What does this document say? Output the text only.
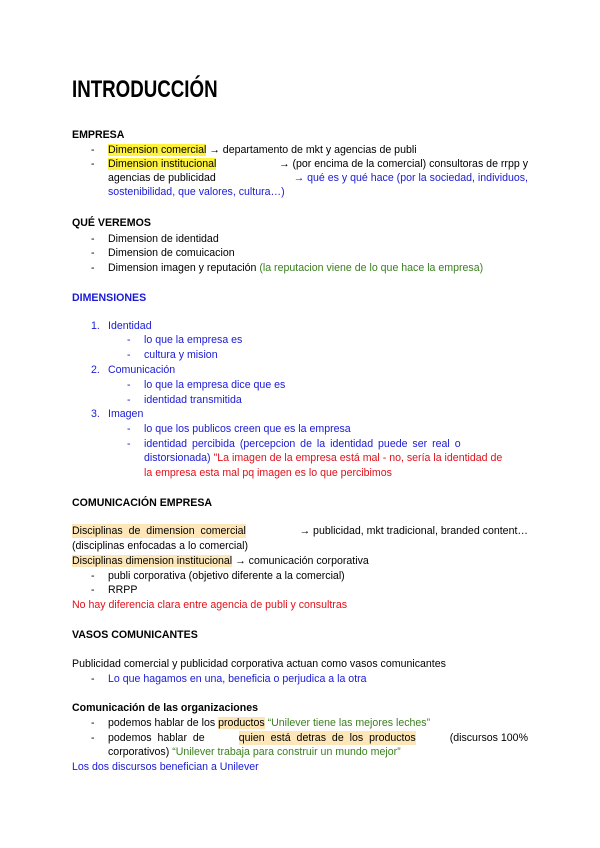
INTRODUCCIÓN
EMPRESA
- Dimension comercial → departamento de mkt y agencias de publi
- Dimension institucional	→ (por encima de la comercial) consultoras de rrpp y
agencias de publicidad	→ qué es y qué hace (por la sociedad, individuos,
sostenibilidad, que valores, cultura…)
QUÉ VEREMOS
- Dimension de identidad
- Dimension de comuicacion
- Dimension imagen y reputación (la reputacion viene de lo que hace la empresa)
DIMENSIONES
1. Identidad
- lo que la empresa es
- cultura y mision
2. Comunicación
- lo que la empresa dice que es
- identidad transmitida
3. Imagen
- lo que los publicos creen que es la empresa
- identidad percibida (percepcion de la identidad puede ser real o
distorsionada) "La imagen de la empresa está mal - no, sería la identidad de
la empresa esta mal pq imagen es lo que percibimos
COMUNICACIÓN EMPRESA
Disciplinas de dimension comercial	→ publicidad, mkt tradicional, branded content…
(disciplinas enfocadas a lo comercial)
Disciplinas dimension institucional → comunicación corporativa
- publi corporativa (objetivo diferente a la comercial)
- RRPP
No hay diferencia clara entre agencia de publi y consultras
VASOS COMUNICANTES
Publicidad comercial y publicidad corporativa actuan como vasos comunicantes
- Lo que hagamos en una, beneficia o perjudica a la otra
Comunicación de las organizaciones
- podemos hablar de los productos “Unilever tiene las mejores leches”
- podemos hablar de	quien está detras de los productos	(discursos 100%
corporativos) “Unilever trabaja para construir un mundo mejor”
Los dos discursos benefician a Unilever
